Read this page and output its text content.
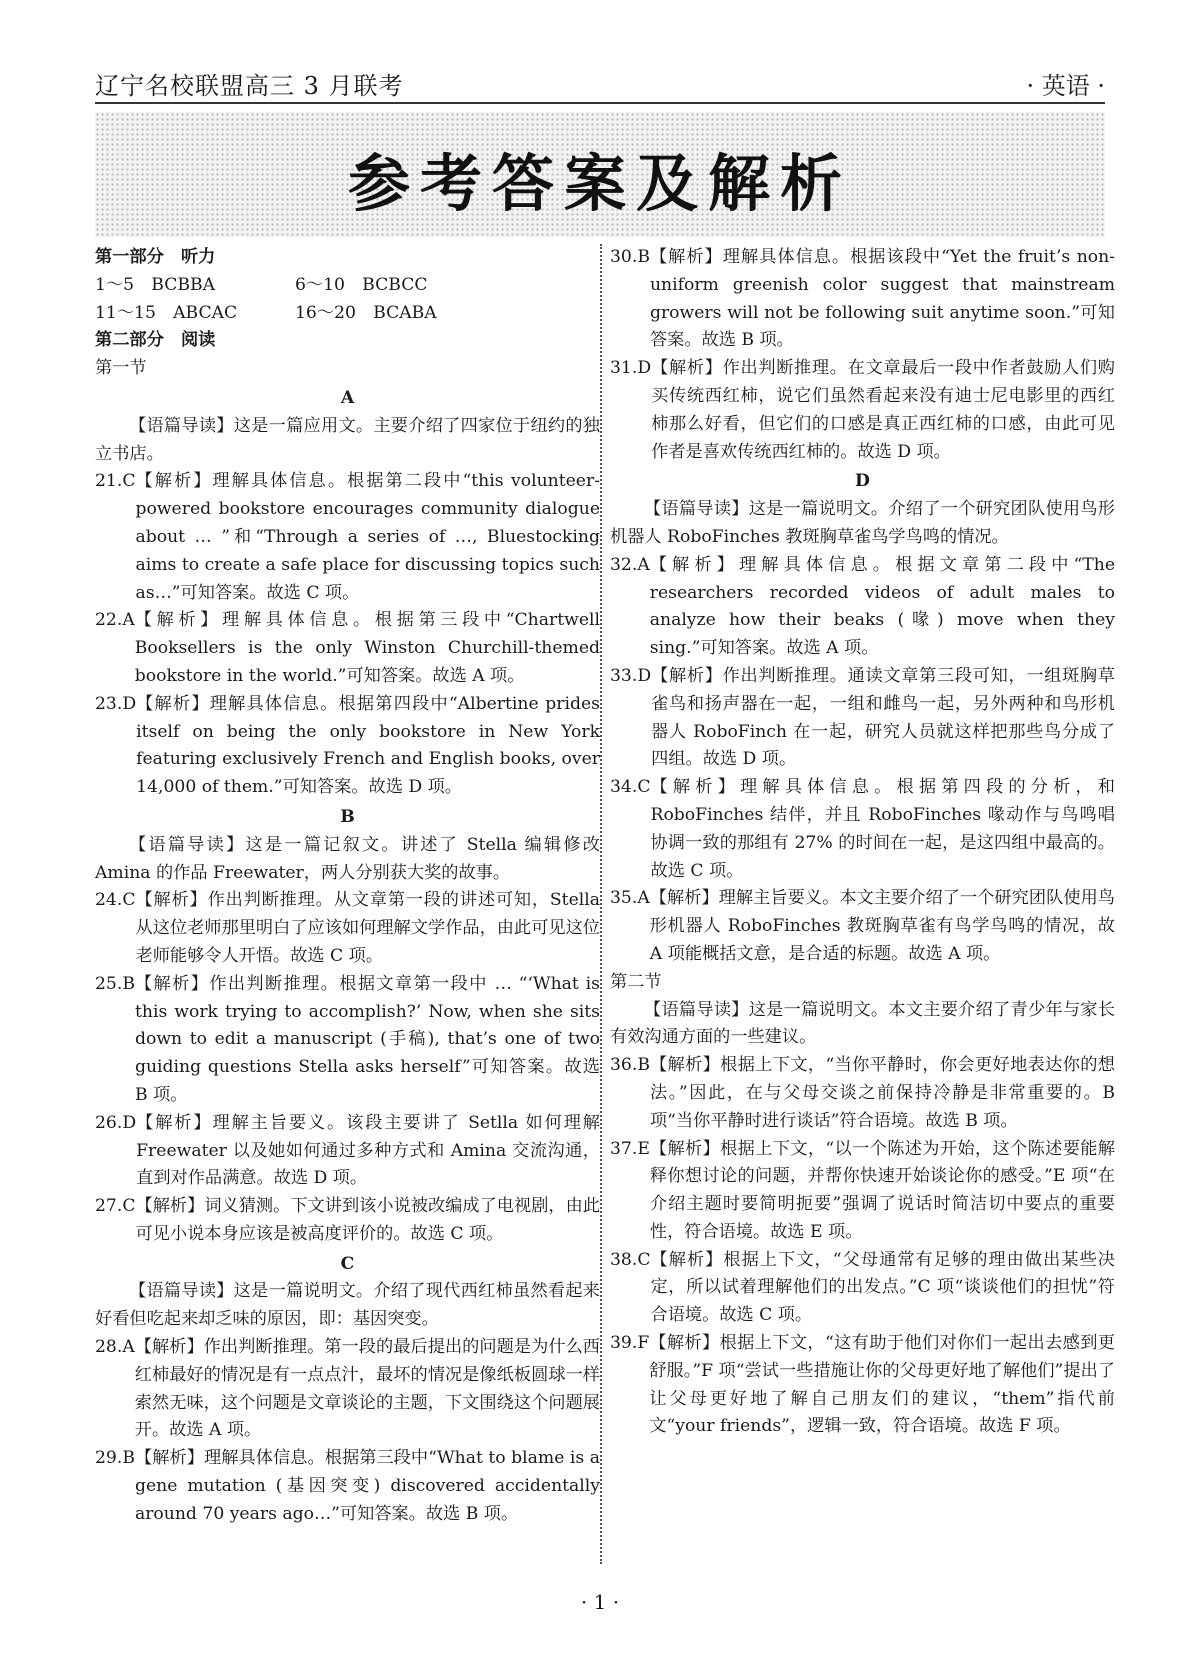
辽宁名校联盟高三 3 月联考	· 英语 ·
参考答案及解析
第一部分　听力
1～5　BCBBA	6～10　BCBCC
11～15　ABCAC	16～20　BCABA
第二部分　阅读
第一节
A

【语篇导读】这是一篇应用文。主要介绍了四家位于纽约的独立书店。

21.C 【解析】理解具体信息。根据第二段中“this volunteer-powered bookstore encourages community dialogue about … ”和“Through a series of …, Bluestocking aims to create a safe place for discussing topics such as…”可知答案。故选 C 项。
22.A 【解析】理解具体信息。根据第三段中“Chartwell Booksellers is the only Winston Churchill-themed bookstore in the world.”可知答案。故选 A 项。
23.D 【解析】理解具体信息。根据第四段中“Albertine prides itself on being the only bookstore in New York featuring exclusively French and English books, over 14,000 of them.”可知答案。故选 D 项。
B

【语篇导读】这是一篇记叙文。讲述了 Stella 编辑修改 Amina 的作品 Freewater，两人分别获大奖的故事。

24.C 【解析】作出判断推理。从文章第一段的讲述可知，Stella 从这位老师那里明白了应该如何理解文学作品，由此可见这位老师能够令人开悟。故选 C 项。
25.B 【解析】作出判断推理。根据文章第一段中 … “‘What is this work trying to accomplish?’ Now, when she sits down to edit a manuscript (手稿), that’s one of two guiding questions Stella asks herself”可知答案。故选 B 项。
26.D 【解析】理解主旨要义。该段主要讲了 Setlla 如何理解 Freewater 以及她如何通过多种方式和 Amina 交流沟通，直到对作品满意。故选 D 项。
27.C 【解析】词义猜测。下文讲到该小说被改编成了电视剧，由此可见小说本身应该是被高度评价的。故选 C 项。
C

【语篇导读】这是一篇说明文。介绍了现代西红柿虽然看起来好看但吃起来却乏味的原因，即：基因突变。

28.A 【解析】作出判断推理。第一段的最后提出的问题是为什么西红柿最好的情况是有一点点汁，最坏的情况是像纸板圆球一样索然无味，这个问题是文章谈论的主题，下文围绕这个问题展开。故选 A 项。
29.B 【解析】理解具体信息。根据第三段中“What to blame is a gene mutation (基因突变) discovered accidentally around 70 years ago…”可知答案。故选 B 项。
30.B 【解析】理解具体信息。根据该段中“Yet the fruit’s non-uniform greenish color suggest that mainstream growers will not be following suit anytime soon.”可知答案。故选 B 项。
31.D 【解析】作出判断推理。在文章最后一段中作者鼓励人们购买传统西红柿，说它们虽然看起来没有迪士尼电影里的西红柿那么好看，但它们的口感是真正西红柿的口感，由此可见作者是喜欢传统西红柿的。故选 D 项。
D

【语篇导读】这是一篇说明文。介绍了一个研究团队使用鸟形机器人 RoboFinches 教斑胸草雀鸟学鸟鸣的情况。

32.A 【解析】理解具体信息。根据文章第二段中“The researchers recorded videos of adult males to analyze how their beaks (喙) move when they sing.”可知答案。故选 A 项。
33.D 【解析】作出判断推理。通读文章第三段可知，一组斑胸草雀鸟和扬声器在一起，一组和雌鸟一起，另外两种和鸟形机器人 RoboFinch 在一起，研究人员就这样把那些鸟分成了四组。故选 D 项。
34.C 【解析】理解具体信息。根据第四段的分析，和 RoboFinches 结伴，并且 RoboFinches 喙动作与鸟鸣唱协调一致的那组有 27% 的时间在一起，是这四组中最高的。故选 C 项。
35.A 【解析】理解主旨要义。本文主要介绍了一个研究团队使用鸟形机器人 RoboFinches 教斑胸草雀有鸟学鸟鸣的情况，故 A 项能概括文意，是合适的标题。故选 A 项。
第二节

【语篇导读】这是一篇说明文。本文主要介绍了青少年与家长有效沟通方面的一些建议。

36.B 【解析】根据上下文，“当你平静时，你会更好地表达你的想法。”因此，在与父母交谈之前保持冷静是非常重要的。B 项“当你平静时进行谈话”符合语境。故选 B 项。
37.E 【解析】根据上下文，“以一个陈述为开始，这个陈述要能解释你想讨论的问题，并帮你快速开始谈论你的感受。”E 项“在介绍主题时要简明扼要”强调了说话时简洁切中要点的重要性，符合语境。故选 E 项。
38.C 【解析】根据上下文，“父母通常有足够的理由做出某些决定，所以试着理解他们的出发点。”C 项“谈谈他们的担忧”符合语境。故选 C 项。
39.F 【解析】根据上下文，“这有助于他们对你们一起出去感到更舒服。”F 项“尝试一些措施让你的父母更好地了解他们”提出了让父母更好地了解自己朋友们的建议，“them”指代前文“your friends”，逻辑一致，符合语境。故选 F 项。
· 1 ·
